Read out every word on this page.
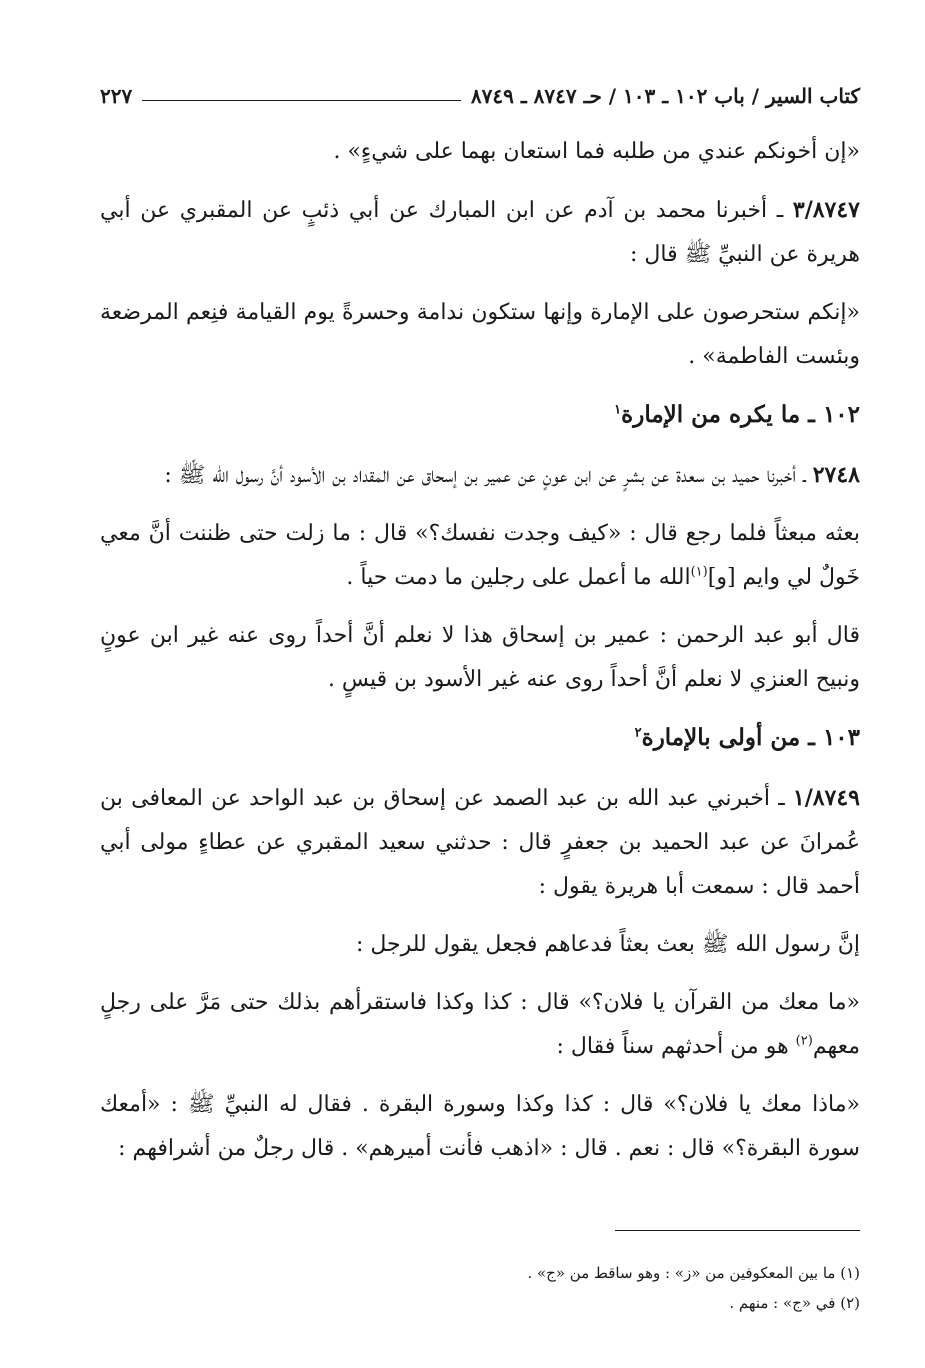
كتاب السير / باب ١٠٢ ـ ١٠٣ / حـ ٨٧٤٧ ـ ٨٧٤٩
٢٢٧

«إن أخونكم عندي من طلبه فما استعان بهما على شيءٍ» .

٣/٨٧٤٧ ـ أخبرنا محمد بن آدم عن ابن المبارك عن أبي ذئبٍ عن المقبري عن أبي هريرة عن النبيِّ ﷺ قال :

«إنكم ستحرصون على الإمارة وإنها ستكون ندامة وحسرةً يوم القيامة فنِعم المرضعة وبئست الفاطمة» .

١٠٢ ـ ما يكره من الإمارة$^١$

٢٧٤٨ ـ أخبرنا حميد بن سعدة عن بشرٍ عن ابن عونٍ عن عمير بن إسحاق عن المقداد بن الأسود أنَّ رسول الله ﷺ :

بعثه مبعثاً فلما رجع قال : «كيف وجدت نفسك؟» قال : ما زلت حتى ظننت أنَّ معي خَولٌ لي وايم [و]$^{(١)}$الله ما أعمل على رجلين ما دمت حياً .

قال أبو عبد الرحمن : عمير بن إسحاق هذا لا نعلم أنَّ أحداً روى عنه غير ابن عونٍ ونبيح العنزي لا نعلم أنَّ أحداً روى عنه غير الأسود بن قيسٍ .

١٠٣ ـ من أولى بالإمارة$^٢$

١/٨٧٤٩ ـ أخبرني عبد الله بن عبد الصمد عن إسحاق بن عبد الواحد عن المعافى بن عُمرانَ عن عبد الحميد بن جعفرٍ قال : حدثني سعيد المقبري عن عطاءٍ مولى أبي أحمد قال : سمعت أبا هريرة يقول :

إنَّ رسول الله ﷺ بعث بعثاً فدعاهم فجعل يقول للرجل :

«ما معك من القرآن يا فلان؟» قال : كذا وكذا فاستقرأهم بذلك حتى مَرَّ على رجلٍ معهم$^{(٢)}$ هو من أحدثهم سناً فقال :

«ماذا معك يا فلان؟» قال : كذا وكذا وسورة البقرة . فقال له النبيِّ ﷺ : «أمعك سورة البقرة؟» قال : نعم . قال : «اذهب فأنت أميرهم» . قال رجلٌ من أشرافهم :

(١) ما بين المعكوفين من «ز» : وهو ساقط من «ج» .

(٢) في «ج» : منهم .
